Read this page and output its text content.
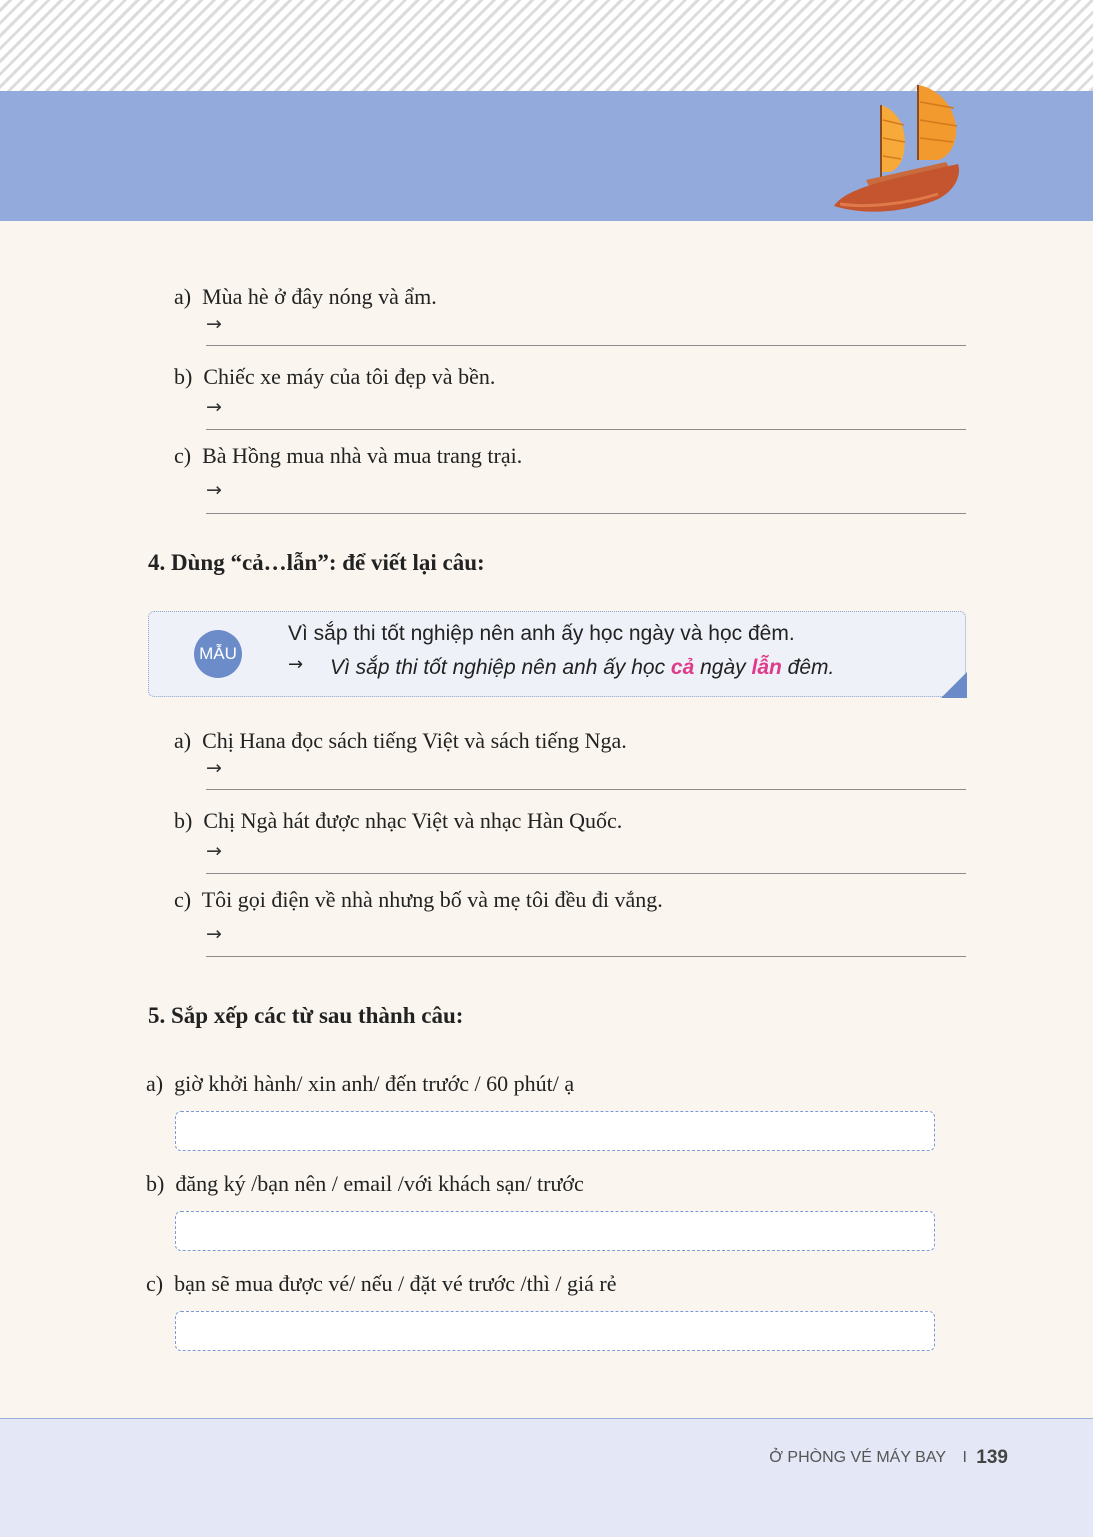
a) Mùa hè ở đây nóng và ẩm.
→
b) Chiếc xe máy của tôi đẹp và bền.
→
c) Bà Hồng mua nhà và mua trang trại.
→
4. Dùng “cả…lẫn”: để viết lại câu:
MẪU
Vì sắp thi tốt nghiệp nên anh ấy học ngày và học đêm.
→ Vì sắp thi tốt nghiệp nên anh ấy học cả ngày lẫn đêm.
a) Chị Hana đọc sách tiếng Việt và sách tiếng Nga.
→
b) Chị Ngà hát được nhạc Việt và nhạc Hàn Quốc.
→
c) Tôi gọi điện về nhà nhưng bố và mẹ tôi đều đi vắng.
→
5. Sắp xếp các từ sau thành câu:
a) giờ khởi hành/ xin anh/ đến trước / 60 phút/ ạ
b) đăng ký /bạn nên / email /với khách sạn/ trước
c) bạn sẽ mua được vé/ nếu / đặt vé trước /thì / giá rẻ
Ở PHÒNG VÉ MÁY BAY I 139
